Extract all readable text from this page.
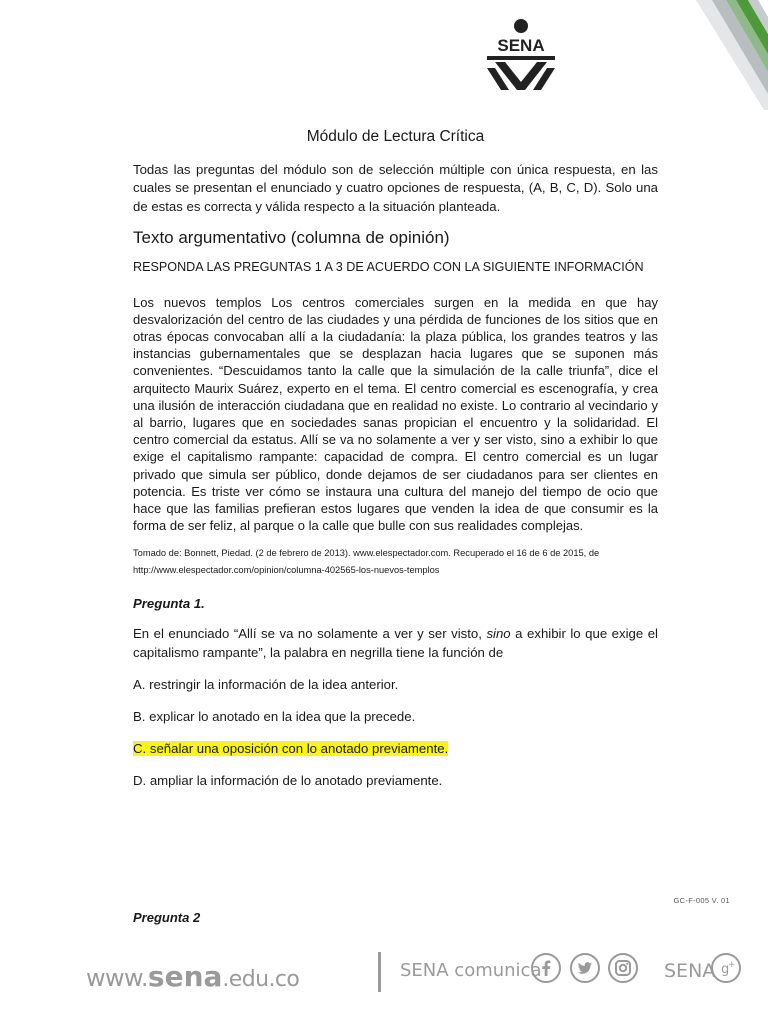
SENA

Módulo de Lectura Crítica

Todas las preguntas del módulo son de selección múltiple con única respuesta, en las cuales se presentan el enunciado y cuatro opciones de respuesta, (A, B, C, D). Solo una de estas es correcta y válida respecto a la situación planteada.

Texto argumentativo (columna de opinión)

RESPONDA LAS PREGUNTAS 1 A 3 DE ACUERDO CON LA SIGUIENTE INFORMACIÓN

Los nuevos templos Los centros comerciales surgen en la medida en que hay desvalorización del centro de las ciudades y una pérdida de funciones de los sitios que en otras épocas convocaban allí a la ciudadanía: la plaza pública, los grandes teatros y las instancias gubernamentales que se desplazan hacia lugares que se suponen más convenientes. “Descuidamos tanto la calle que la simulación de la calle triunfa”, dice el arquitecto Maurix Suárez, experto en el tema. El centro comercial es escenografía, y crea una ilusión de interacción ciudadana que en realidad no existe. Lo contrario al vecindario y al barrio, lugares que en sociedades sanas propician el encuentro y la solidaridad. El centro comercial da estatus. Allí se va no solamente a ver y ser visto, sino a exhibir lo que exige el capitalismo rampante: capacidad de compra. El centro comercial es un lugar privado que simula ser público, donde dejamos de ser ciudadanos para ser clientes en potencia. Es triste ver cómo se instaura una cultura del manejo del tiempo de ocio que hace que las familias prefieran estos lugares que venden la idea de que consumir es la forma de ser feliz, al parque o la calle que bulle con sus realidades complejas.

Tomado de: Bonnett, Piedad. (2 de febrero de 2013). www.elespectador.com. Recuperado el 16 de 6 de 2015, de http://www.elespectador.com/opinion/columna-402565-los-nuevos-templos

Pregunta 1.

En el enunciado “Allí se va no solamente a ver y ser visto, sino a exhibir lo que exige el capitalismo rampante”, la palabra en negrilla tiene la función de

A. restringir la información de la idea anterior.
B. explicar lo anotado en la idea que la precede.
C. señalar una oposición con lo anotado previamente.
D. ampliar la información de lo anotado previamente.
GC-F-005 V. 01
Pregunta 2
www.sena.edu.co	SENA comunica	SENA g
+
